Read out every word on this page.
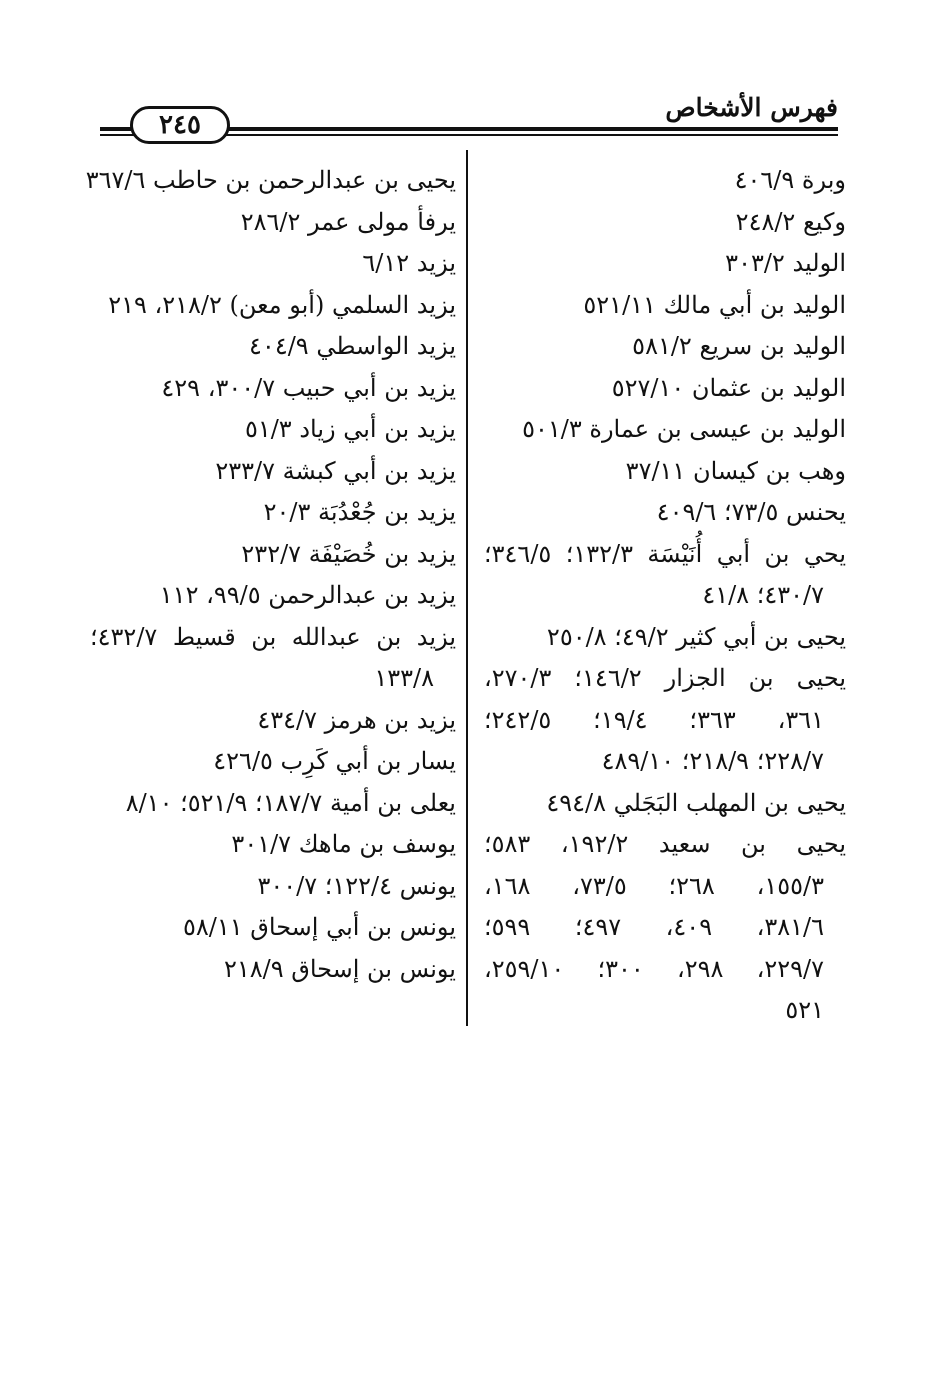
فهرس الأشخاص
٢٤٥
وبرة ٤٠٦/٩
وكيع ٢٤٨/٢
الوليد ٣٠٣/٢
الوليد بن أبي مالك ٥٢١/١١
الوليد بن سريع ٥٨١/٢
الوليد بن عثمان ٥٢٧/١٠
الوليد بن عيسى بن عمارة ٥٠١/٣
وهب بن كيسان ٣٧/١١
يحنس ٧٣/٥؛ ٤٠٩/٦
يحي بن أبي أُنَيْسَة ١٣٢/٣؛ ٣٤٦/٥؛
٤٣٠/٧؛ ٤١/٨
يحيى بن أبي كثير ٤٩/٢؛ ٢٥٠/٨
يحيى بن الجزار ١٤٦/٢؛ ٢٧٠/٣،
٣٦١، ٣٦٣؛ ١٩/٤؛ ٢٤٢/٥؛
٢٢٨/٧؛ ٢١٨/٩؛ ٤٨٩/١٠
يحيى بن المهلب البَجَلي ٤٩٤/٨
يحيى بن سعيد ١٩٢/٢، ٥٨٣؛
١٥٥/٣، ٢٦٨؛ ٧٣/٥، ١٦٨،
٣٨١/٦، ٤٠٩، ٤٩٧؛ ٥٩٩؛
٢٢٩/٧، ٢٩٨، ٣٠٠؛ ٢٥٩/١٠،
٥٢١
يحيى بن عبدالرحمن بن حاطب ٣٦٧/٦
يرفأ مولى عمر ٢٨٦/٢
يزيد ٦/١٢
يزيد السلمي (أبو معن) ٢١٨/٢، ٢١٩
يزيد الواسطي ٤٠٤/٩
يزيد بن أبي حبيب ٣٠٠/٧، ٤٢٩
يزيد بن أبي زياد ٥١/٣
يزيد بن أبي كبشة ٢٣٣/٧
يزيد بن جُعْدُبَة ٢٠/٣
يزيد بن خُصَيْفَة ٢٣٢/٧
يزيد بن عبدالرحمن ٩٩/٥، ١١٢
يزيد بن عبدالله بن قسيط ٤٣٢/٧؛
١٣٣/٨
يزيد بن هرمز ٤٣٤/٧
يسار بن أبي كَرِب ٤٢٦/٥
يعلى بن أمية ١٨٧/٧؛ ٥٢١/٩؛ ٨/١٠
يوسف بن ماهك ٣٠١/٧
يونس ١٢٢/٤؛ ٣٠٠/٧
يونس بن أبي إسحاق ٥٨/١١
يونس بن إسحاق ٢١٨/٩
